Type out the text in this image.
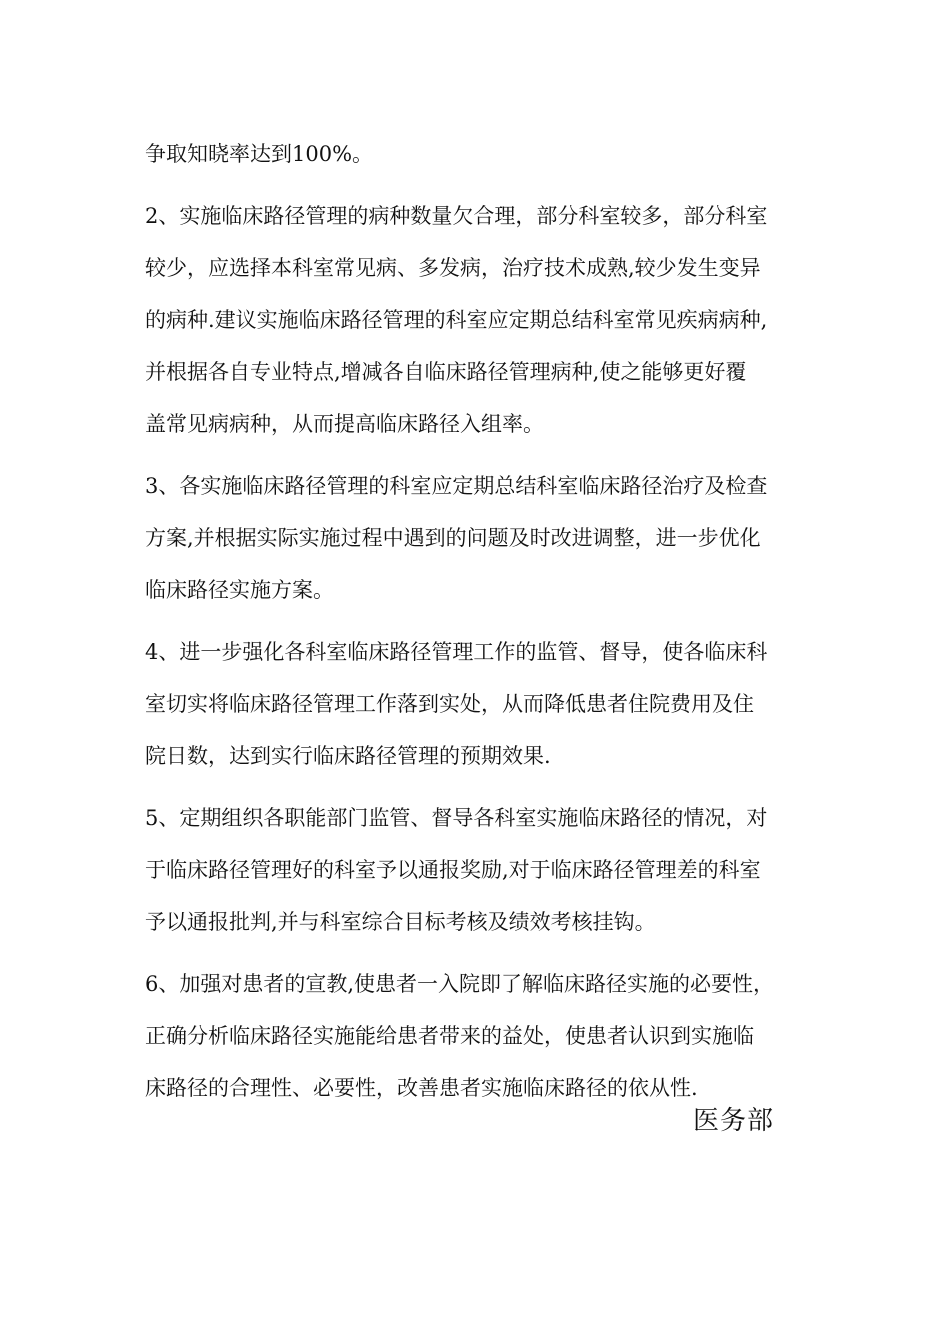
争取知晓率达到100%。

2、实施临床路径管理的病种数量欠合理，部分科室较多，部分科室
较少，应选择本科室常见病、多发病，治疗技术成熟,较少发生变异
的病种.建议实施临床路径管理的科室应定期总结科室常见疾病病种,
并根据各自专业特点,增减各自临床路径管理病种,使之能够更好覆
盖常见病病种，从而提高临床路径入组率。

3、各实施临床路径管理的科室应定期总结科室临床路径治疗及检查
方案,并根据实际实施过程中遇到的问题及时改进调整，进一步优化
临床路径实施方案。

4、进一步强化各科室临床路径管理工作的监管、督导，使各临床科
室切实将临床路径管理工作落到实处，从而降低患者住院费用及住
院日数，达到实行临床路径管理的预期效果.

5、定期组织各职能部门监管、督导各科室实施临床路径的情况，对
于临床路径管理好的科室予以通报奖励,对于临床路径管理差的科室
予以通报批判,并与科室综合目标考核及绩效考核挂钩。

6、加强对患者的宣教,使患者一入院即了解临床路径实施的必要性，
正确分析临床路径实施能给患者带来的益处，使患者认识到实施临
床路径的合理性、必要性，改善患者实施临床路径的依从性.

医务部
